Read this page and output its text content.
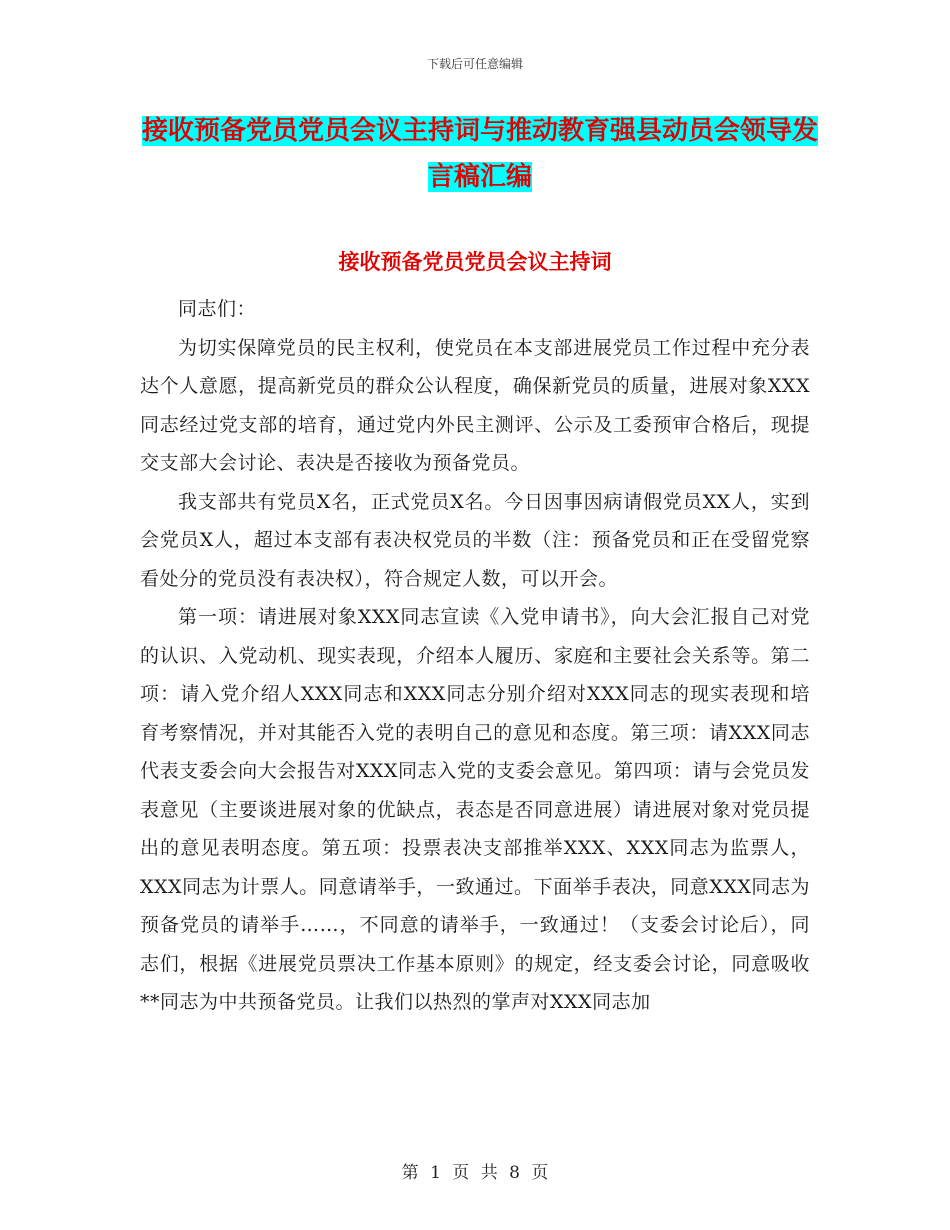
下载后可任意编辑
接收预备党员党员会议主持词与推动教育强县动员会领导发言稿汇编
接收预备党员党员会议主持词

同志们：

为切实保障党员的民主权利，使党员在本支部进展党员工作过程中充分表达个人意愿，提高新党员的群众公认程度，确保新党员的质量，进展对象XXX同志经过党支部的培育，通过党内外民主测评、公示及工委预审合格后，现提交支部大会讨论、表决是否接收为预备党员。

我支部共有党员X名，正式党员X名。今日因事因病请假党员XX人，实到会党员X人，超过本支部有表决权党员的半数（注：预备党员和正在受留党察看处分的党员没有表决权），符合规定人数，可以开会。

第一项：请进展对象XXX同志宣读《入党申请书》，向大会汇报自己对党的认识、入党动机、现实表现，介绍本人履历、家庭和主要社会关系等。第二项：请入党介绍人XXX同志和XXX同志分别介绍对XXX同志的现实表现和培育考察情况，并对其能否入党的表明自己的意见和态度。第三项：请XXX同志代表支委会向大会报告对XXX同志入党的支委会意见。第四项：请与会党员发表意见（主要谈进展对象的优缺点，表态是否同意进展）请进展对象对党员提出的意见表明态度。第五项：投票表决支部推举XXX、XXX同志为监票人，XXX同志为计票人。同意请举手，一致通过。下面举手表决，同意XXX同志为预备党员的请举手……，不同意的请举手，一致通过！（支委会讨论后），同志们，根据《进展党员票决工作基本原则》的规定，经支委会讨论，同意吸收**同志为中共预备党员。让我们以热烈的掌声对XXX同志加

第 1 页 共 8 页
